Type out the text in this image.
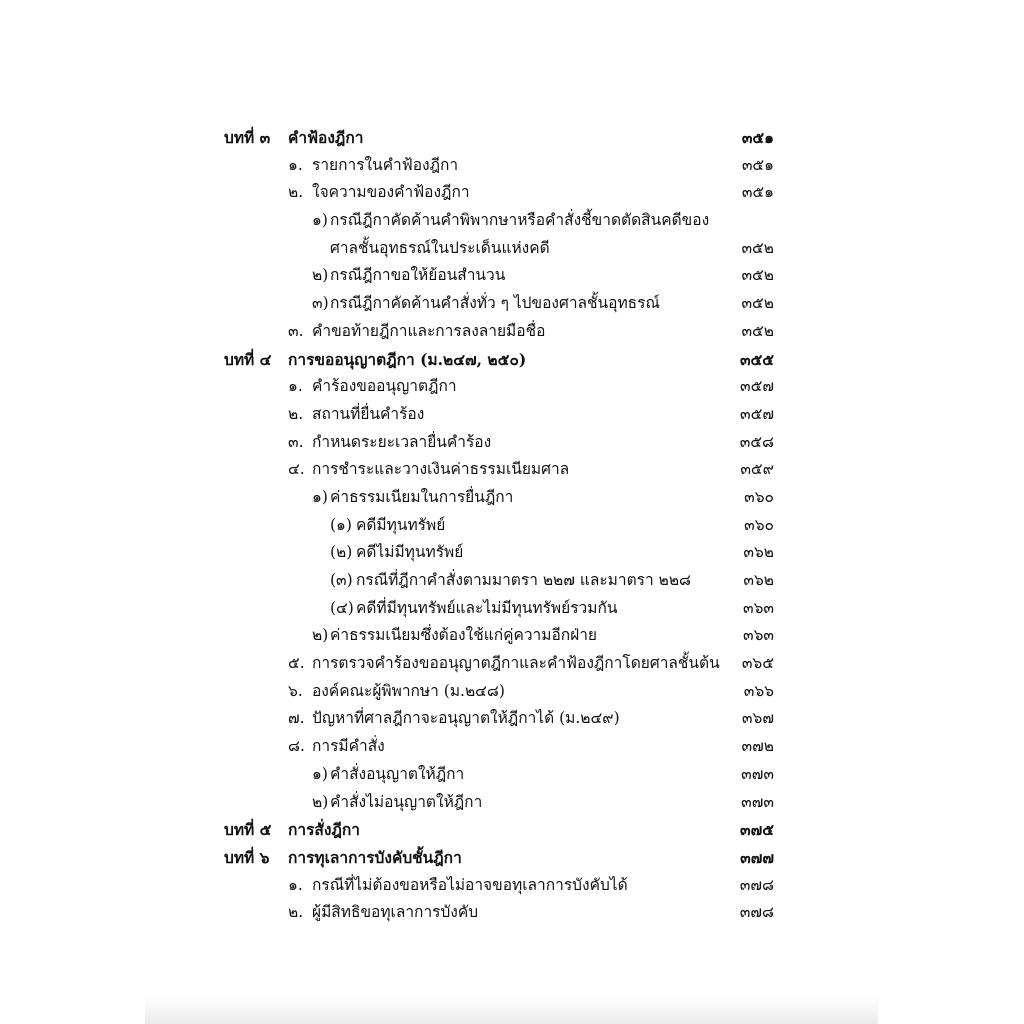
บทที่ ๓ คำฟ้องฎีกา	๓๕๑
๑. รายการในคำฟ้องฎีกา	๓๕๑
๒. ใจความของคำฟ้องฎีกา	๓๕๑
๑) กรณีฎีกาคัดค้านคำพิพากษาหรือคำสั่งชี้ขาดตัดสินคดีของ
ศาลชั้นอุทธรณ์ในประเด็นแห่งคดี	๓๕๒
๒) กรณีฎีกาขอให้ย้อนสำนวน	๓๕๒
๓) กรณีฎีกาคัดค้านคำสั่งทั่ว ๆ ไปของศาลชั้นอุทธรณ์	๓๕๒
๓. คำขอท้ายฎีกาและการลงลายมือชื่อ	๓๕๒
บทที่ ๔ การขออนุญาตฎีกา (ม.๒๔๗, ๒๕๐)	๓๕๕
๑. คำร้องขออนุญาตฎีกา	๓๕๗
๒. สถานที่ยื่นคำร้อง	๓๕๗
๓. กำหนดระยะเวลายื่นคำร้อง	๓๕๘
๔. การชำระและวางเงินค่าธรรมเนียมศาล	๓๕๙
๑) ค่าธรรมเนียมในการยื่นฎีกา	๓๖๐
(๑) คดีมีทุนทรัพย์	๓๖๐
(๒) คดีไม่มีทุนทรัพย์	๓๖๒
(๓) กรณีที่ฎีกาคำสั่งตามมาตรา ๒๒๗ และมาตรา ๒๒๘	๓๖๒
(๔) คดีที่มีทุนทรัพย์และไม่มีทุนทรัพย์รวมกัน	๓๖๓
๒) ค่าธรรมเนียมซึ่งต้องใช้แก่คู่ความอีกฝ่าย	๓๖๓
๕. การตรวจคำร้องขออนุญาตฎีกาและคำฟ้องฎีกาโดยศาลชั้นต้น ๓๖๕
๖. องค์คณะผู้พิพากษา (ม.๒๔๘)	๓๖๖
๗. ปัญหาที่ศาลฎีกาจะอนุญาตให้ฎีกาได้ (ม.๒๔๙)	๓๖๗
๘. การมีคำสั่ง	๓๗๒
๑) คำสั่งอนุญาตให้ฎีกา	๓๗๓
๒) คำสั่งไม่อนุญาตให้ฎีกา	๓๗๓
บทที่ ๕ การสั่งฎีกา	๓๗๕
บทที่ ๖ การทุเลาการบังคับชั้นฎีกา	๓๗๗
๑. กรณีที่ไม่ต้องขอหรือไม่อาจขอทุเลาการบังคับได้	๓๗๘
๒. ผู้มีสิทธิขอทุเลาการบังคับ	๓๗๘
